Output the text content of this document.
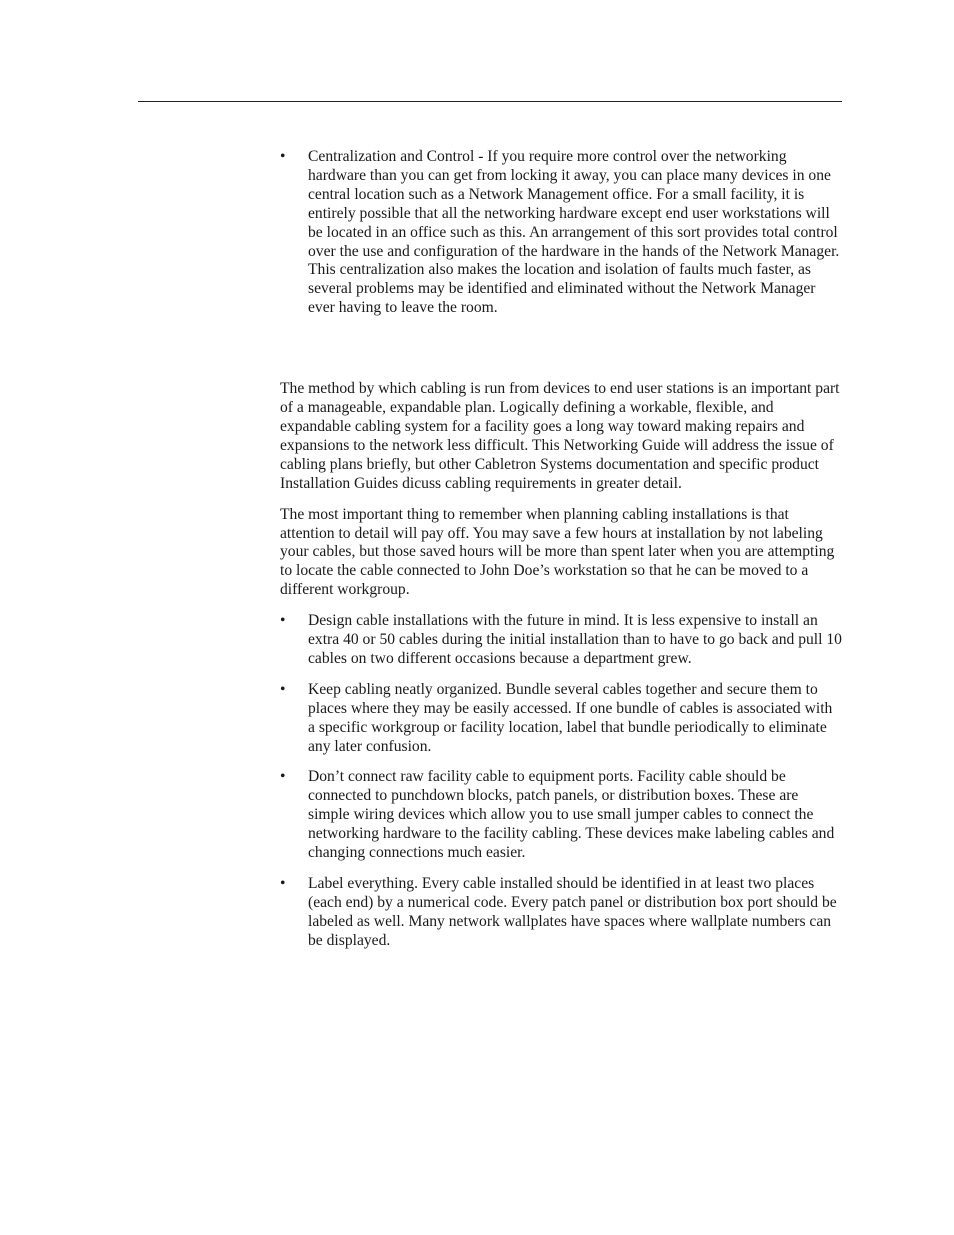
•	Centralization and Control - If you require more control over the networking hardware than you can get from locking it away, you can place many devices in one central location such as a Network Management office. For a small facility, it is entirely possible that all the networking hardware except end user workstations will be located in an office such as this. An arrangement of this sort provides total control over the use and configuration of the hardware in the hands of the Network Manager. This centralization also makes the location and isolation of faults much faster, as several problems may be identified and eliminated without the Network Manager ever having to leave the room.

The method by which cabling is run from devices to end user stations is an important part of a manageable, expandable plan. Logically defining a workable, flexible, and expandable cabling system for a facility goes a long way toward making repairs and expansions to the network less difficult. This Networking Guide will address the issue of cabling plans briefly, but other Cabletron Systems documentation and specific product Installation Guides dicuss cabling requirements in greater detail.

The most important thing to remember when planning cabling installations is that attention to detail will pay off. You may save a few hours at installation by not labeling your cables, but those saved hours will be more than spent later when you are attempting to locate the cable connected to John Doe’s workstation so that he can be moved to a different workgroup.

•	Design cable installations with the future in mind. It is less expensive to install an extra 40 or 50 cables during the initial installation than to have to go back and pull 10 cables on two different occasions because a department grew.

•	Keep cabling neatly organized. Bundle several cables together and secure them to places where they may be easily accessed. If one bundle of cables is associated with a specific workgroup or facility location, label that bundle periodically to eliminate any later confusion.

•	Don’t connect raw facility cable to equipment ports. Facility cable should be connected to punchdown blocks, patch panels, or distribution boxes. These are simple wiring devices which allow you to use small jumper cables to connect the networking hardware to the facility cabling. These devices make labeling cables and changing connections much easier.

•	Label everything. Every cable installed should be identified in at least two places (each end) by a numerical code. Every patch panel or distribution box port should be labeled as well. Many network wallplates have spaces where wallplate numbers can be displayed.
